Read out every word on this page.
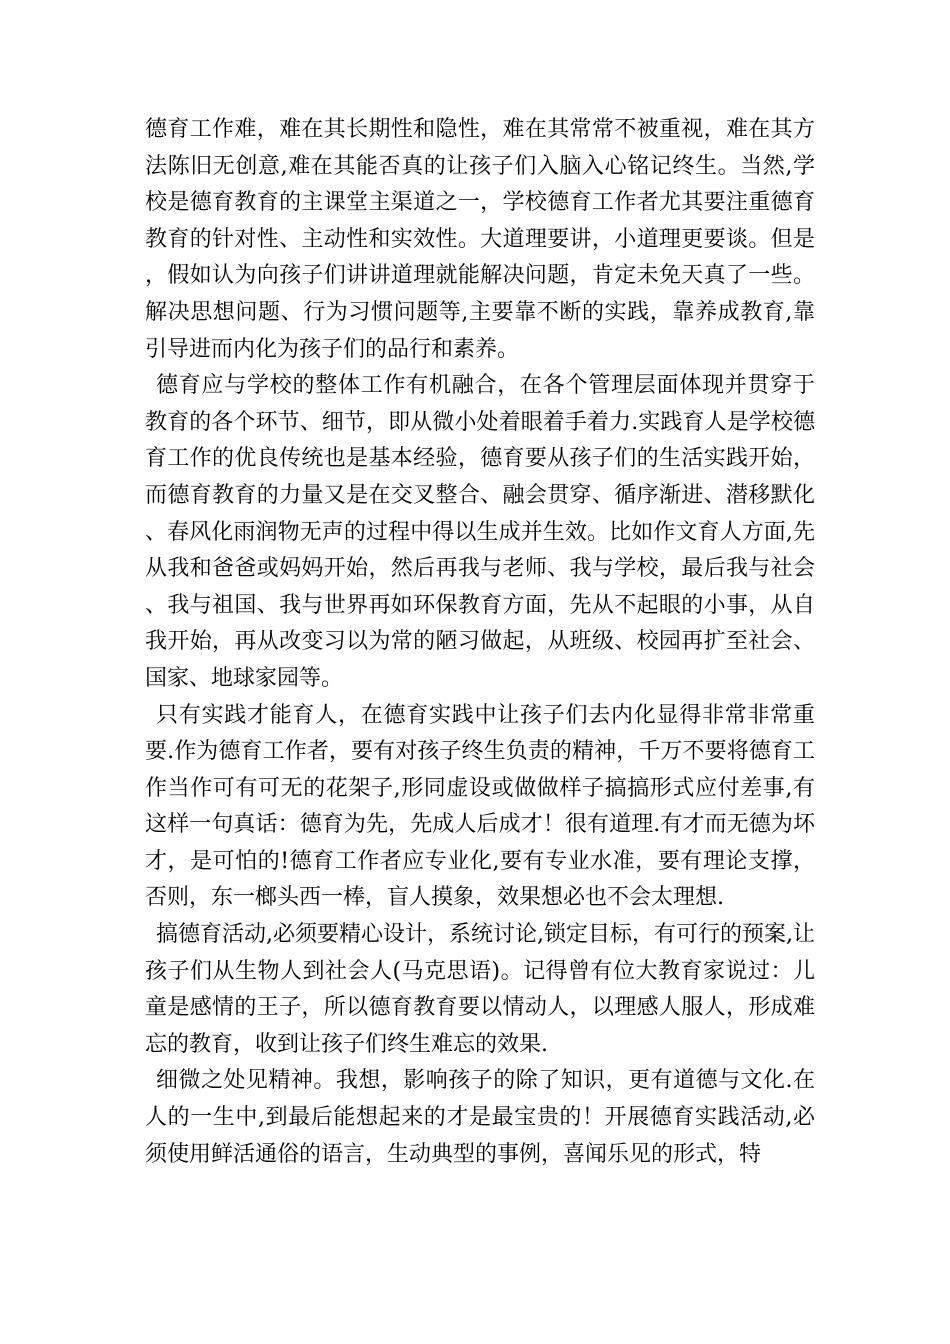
德育工作难，难在其长期性和隐性，难在其常常不被重视，难在其方法陈旧无创意,难在其能否真的让孩子们入脑入心铭记终生。当然,学校是德育教育的主课堂主渠道之一，学校德育工作者尤其要注重德育教育的针对性、主动性和实效性。大道理要讲，小道理更要谈。但是，假如认为向孩子们讲讲道理就能解决问题，肯定未免天真了一些。解决思想问题、行为习惯问题等,主要靠不断的实践，靠养成教育,靠引导进而内化为孩子们的品行和素养。

德育应与学校的整体工作有机融合，在各个管理层面体现并贯穿于教育的各个环节、细节，即从微小处着眼着手着力.实践育人是学校德育工作的优良传统也是基本经验，德育要从孩子们的生活实践开始，而德育教育的力量又是在交叉整合、融会贯穿、循序渐进、潜移默化、春风化雨润物无声的过程中得以生成并生效。比如作文育人方面,先从我和爸爸或妈妈开始，然后再我与老师、我与学校，最后我与社会、我与祖国、我与世界再如环保教育方面，先从不起眼的小事，从自我开始，再从改变习以为常的陋习做起，从班级、校园再扩至社会、国家、地球家园等。

只有实践才能育人，在德育实践中让孩子们去内化显得非常非常重要.作为德育工作者，要有对孩子终生负责的精神，千万不要将德育工作当作可有可无的花架子,形同虚设或做做样子搞搞形式应付差事,有这样一句真话：德育为先，先成人后成才！很有道理.有才而无德为坏才，是可怕的!德育工作者应专业化,要有专业水准，要有理论支撑，否则，东一榔头西一棒，盲人摸象，效果想必也不会太理想.

搞德育活动,必须要精心设计，系统讨论,锁定目标，有可行的预案,让孩子们从生物人到社会人(马克思语)。记得曾有位大教育家说过：儿童是感情的王子，所以德育教育要以情动人，以理感人服人，形成难忘的教育，收到让孩子们终生难忘的效果.

细微之处见精神。我想，影响孩子的除了知识，更有道德与文化.在人的一生中,到最后能想起来的才是最宝贵的！开展德育实践活动,必须使用鲜活通俗的语言，生动典型的事例，喜闻乐见的形式，特
